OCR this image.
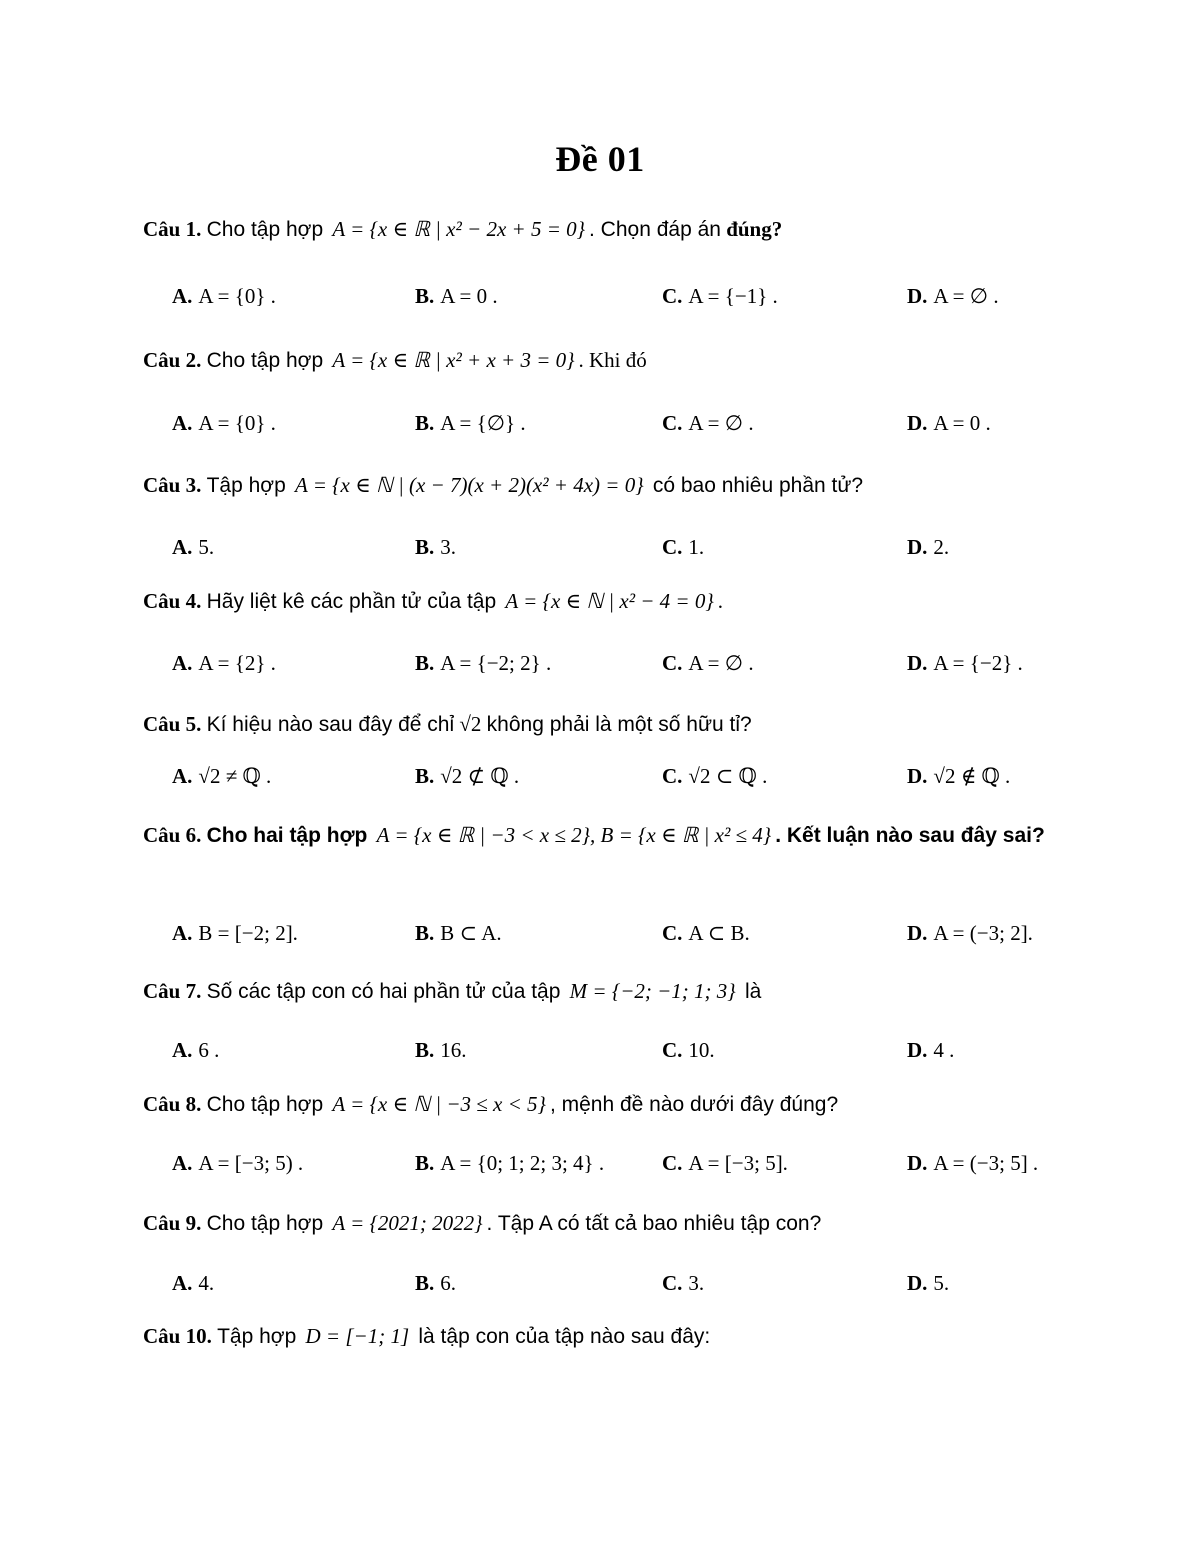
Đề 01
Câu 1. Cho tập hợp A = {x ∈ ℝ | x² − 2x + 5 = 0} . Chọn đáp án đúng?
A. A = {0} .	B. A = 0 .	C. A = {−1} .	D. A = ∅ .
Câu 2. Cho tập hợp A = {x ∈ ℝ | x² + x + 3 = 0} . Khi đó
A. A = {0} .	B. A = {∅} .	C. A = ∅ .	D. A = 0 .
Câu 3. Tập hợp A = {x ∈ ℕ | (x − 7)(x + 2)(x² + 4x) = 0} có bao nhiêu phần tử?
A. 5.	B. 3.	C. 1.	D. 2.
Câu 4. Hãy liệt kê các phần tử của tập A = {x ∈ ℕ | x² − 4 = 0} .
A. A = {2} .	B. A = {−2; 2} .	C. A = ∅ .	D. A = {−2} .
Câu 5. Kí hiệu nào sau đây để chỉ √2 không phải là một số hữu tỉ?
A. √2 ≠ ℚ .	B. √2 ⊄ ℚ .	C. √2 ⊂ ℚ .	D. √2 ∉ ℚ .
Câu 6. Cho hai tập hợp A = {x ∈ ℝ | −3 < x ≤ 2}, B = {x ∈ ℝ | x² ≤ 4} . Kết luận nào sau đây sai?
A. B = [−2; 2].	B. B ⊂ A.	C. A ⊂ B.	D. A = (−3; 2].
Câu 7. Số các tập con có hai phần tử của tập M = {−2; −1; 1; 3} là
A. 6 .	B. 16.	C. 10.	D. 4 .
Câu 8. Cho tập hợp A = {x ∈ ℕ | −3 ≤ x < 5} , mệnh đề nào dưới đây đúng?
A. A = [−3; 5) .	B. A = {0; 1; 2; 3; 4} .	C. A = [−3; 5].	D. A = (−3; 5] .
Câu 9. Cho tập hợp A = {2021; 2022} . Tập A có tất cả bao nhiêu tập con?
A. 4.	B. 6.	C. 3.	D. 5.
Câu 10. Tập hợp D = [−1; 1] là tập con của tập nào sau đây:
